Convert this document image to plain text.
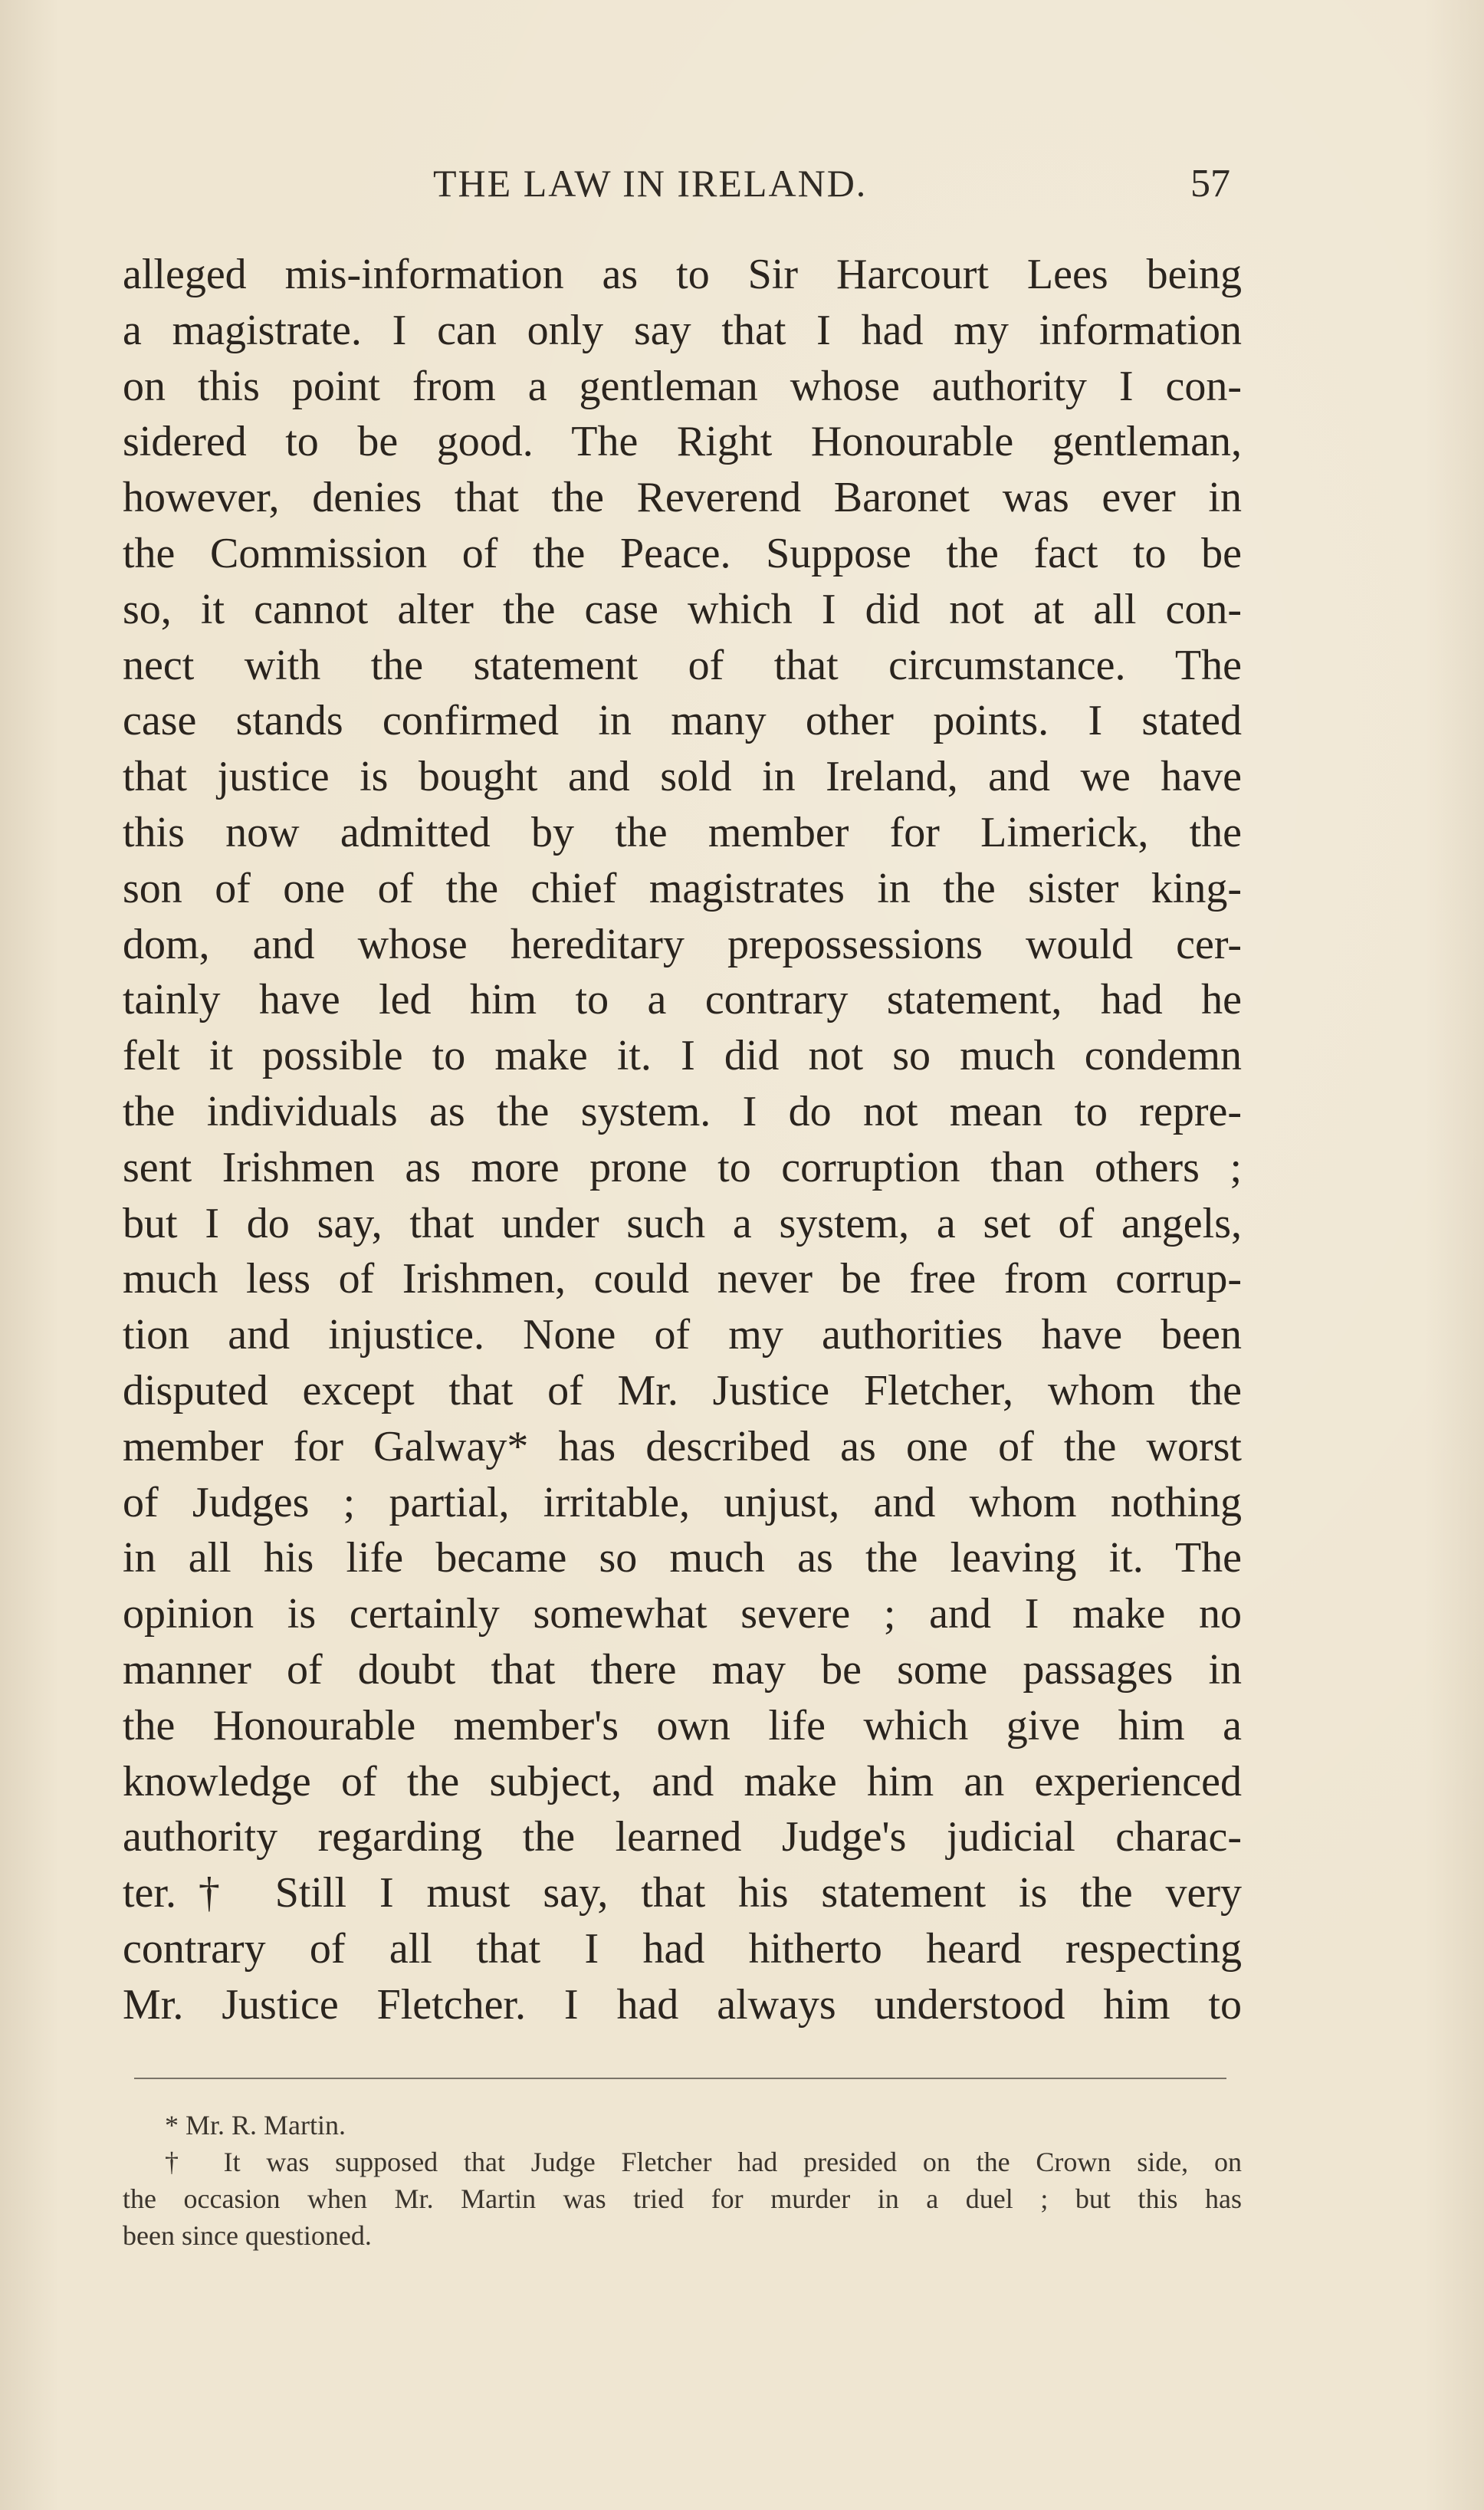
THE LAW IN IRELAND.	57
alleged mis-information as to Sir Harcourt Lees being
a magistrate. I can only say that I had my information
on this point from a gentleman whose authority I con-
sidered to be good. The Right Honourable gentleman,
however, denies that the Reverend Baronet was ever in
the Commission of the Peace. Suppose the fact to be
so, it cannot alter the case which I did not at all con-
nect with the statement of that circumstance. The
case stands confirmed in many other points. I stated
that justice is bought and sold in Ireland, and we have
this now admitted by the member for Limerick, the
son of one of the chief magistrates in the sister king-
dom, and whose hereditary prepossessions would cer-
tainly have led him to a contrary statement, had he
felt it possible to make it. I did not so much condemn
the individuals as the system. I do not mean to repre-
sent Irishmen as more prone to corruption than others ;
but I do say, that under such a system, a set of angels,
much less of Irishmen, could never be free from corrup-
tion and injustice. None of my authorities have been
disputed except that of Mr. Justice Fletcher, whom the
member for Galway* has described as one of the worst
of Judges ; partial, irritable, unjust, and whom nothing
in all his life became so much as the leaving it. The
opinion is certainly somewhat severe ; and I make no
manner of doubt that there may be some passages in
the Honourable member's own life which give him a
knowledge of the subject, and make him an experienced
authority regarding the learned Judge's judicial charac-
ter.† Still I must say, that his statement is the very
contrary of all that I had hitherto heard respecting
Mr. Justice Fletcher. I had always understood him to
* Mr. R. Martin.
† It was supposed that Judge Fletcher had presided on the Crown side, on
the occasion when Mr. Martin was tried for murder in a duel ; but this has
been since questioned.
